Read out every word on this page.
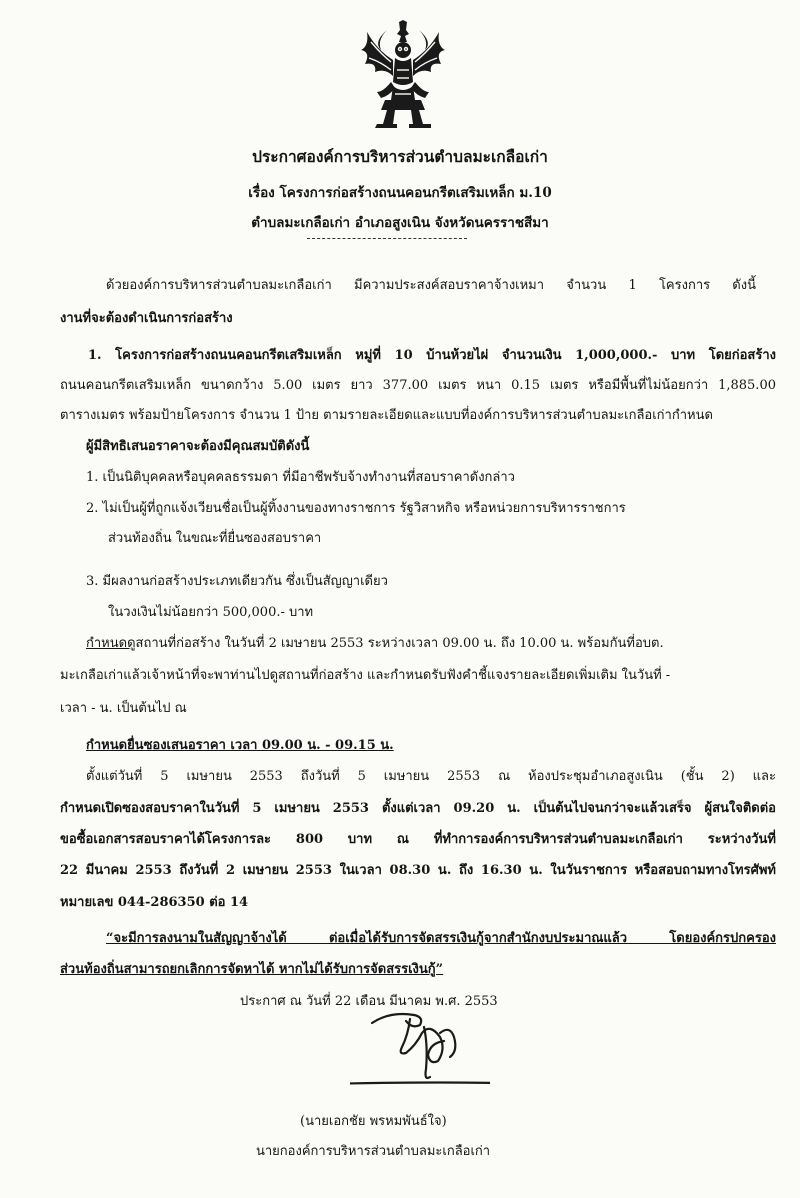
ประกาศองค์การบริหารส่วนตำบลมะเกลือเก่า
เรื่อง โครงการก่อสร้างถนนคอนกรีตเสริมเหล็ก ม.10
ตำบลมะเกลือเก่า อำเภอสูงเนิน จังหวัดนครราชสีมา
ด้วยองค์การบริหารส่วนตำบลมะเกลือเก่า มีความประสงค์สอบราคาจ้างเหมา จำนวน 1 โครงการ ดังนี้
งานที่จะต้องดำเนินการก่อสร้าง
1. โครงการก่อสร้างถนนคอนกรีตเสริมเหล็ก หมู่ที่ 10 บ้านห้วยไผ่ จำนวนเงิน 1,000,000.- บาท โดยก่อสร้าง
ถนนคอนกรีตเสริมเหล็ก ขนาดกว้าง 5.00 เมตร ยาว 377.00 เมตร หนา 0.15 เมตร หรือมีพื้นที่ไม่น้อยกว่า 1,885.00
ตารางเมตร พร้อมป้ายโครงการ จำนวน 1 ป้าย ตามรายละเอียดและแบบที่องค์การบริหารส่วนตำบลมะเกลือเก่ากำหนด
ผู้มีสิทธิเสนอราคาจะต้องมีคุณสมบัติดังนี้
1. เป็นนิติบุคคลหรือบุคคลธรรมดา ที่มีอาชีพรับจ้างทำงานที่สอบราคาดังกล่าว
2. ไม่เป็นผู้ที่ถูกแจ้งเวียนชื่อเป็นผู้ทิ้งงานของทางราชการ รัฐวิสาหกิจ หรือหน่วยการบริหารราชการ
ส่วนท้องถิ่น ในขณะที่ยื่นซองสอบราคา
3. มีผลงานก่อสร้างประเภทเดียวกัน ซึ่งเป็นสัญญาเดียว
ในวงเงินไม่น้อยกว่า 500,000.- บาท
กำหนดดูสถานที่ก่อสร้าง ในวันที่ 2 เมษายน 2553 ระหว่างเวลา 09.00 น. ถึง 10.00 น. พร้อมกันที่อบต.
มะเกลือเก่าแล้วเจ้าหน้าที่จะพาท่านไปดูสถานที่ก่อสร้าง และกำหนดรับฟังคำชี้แจงรายละเอียดเพิ่มเติม ในวันที่ -
เวลา - น. เป็นต้นไป ณ
กำหนดยื่นซองเสนอราคา เวลา 09.00 น. - 09.15 น.
ตั้งแต่วันที่ 5 เมษายน 2553 ถึงวันที่ 5 เมษายน 2553 ณ ห้องประชุมอำเภอสูงเนิน (ชั้น 2) และ
กำหนดเปิดซองสอบราคาในวันที่ 5 เมษายน 2553 ตั้งแต่เวลา 09.20 น. เป็นต้นไปจนกว่าจะแล้วเสร็จ ผู้สนใจติดต่อ
ขอซื้อเอกสารสอบราคาได้โครงการละ 800 บาท ณ ที่ทำการองค์การบริหารส่วนตำบลมะเกลือเก่า ระหว่างวันที่
22 มีนาคม 2553 ถึงวันที่ 2 เมษายน 2553 ในเวลา 08.30 น. ถึง 16.30 น. ในวันราชการ หรือสอบถามทางโทรศัพท์
หมายเลข 044-286350 ต่อ 14
“จะมีการลงนามในสัญญาจ้างได้ ต่อเมื่อได้รับการจัดสรรเงินกู้จากสำนักงบประมาณแล้ว โดยองค์กรปกครอง
ส่วนท้องถิ่นสามารถยกเลิกการจัดหาได้ หากไม่ได้รับการจัดสรรเงินกู้”
ประกาศ ณ วันที่ 22 เดือน มีนาคม พ.ศ. 2553
(นายเอกชัย พรหมพันธ์ใจ)
นายกองค์การบริหารส่วนตำบลมะเกลือเก่า
